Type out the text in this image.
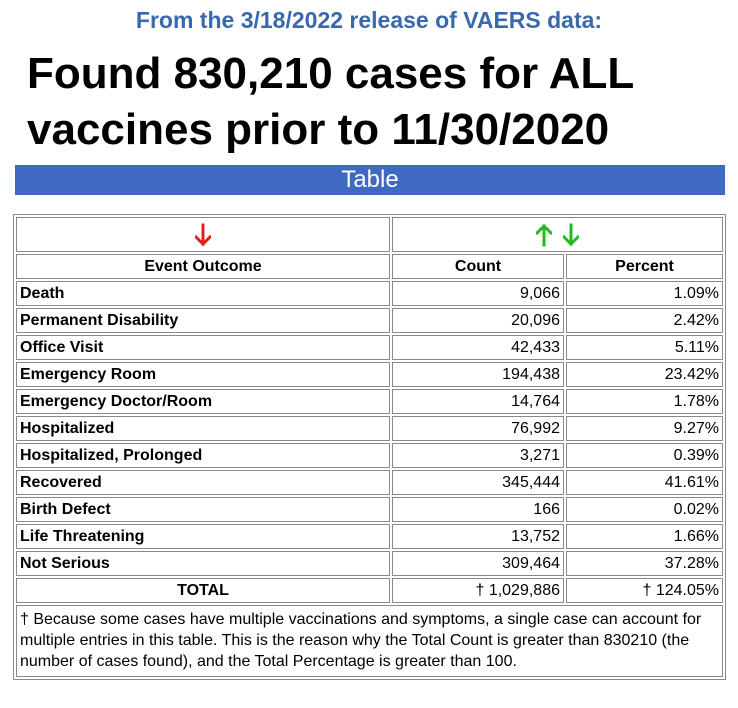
From the 3/18/2022 release of VAERS data:
Found 830,210 cases for ALL vaccines prior to 11/30/2020
Table

Event Outcome	Count	Percent
Death	9,066	1.09%
Permanent Disability	20,096	2.42%
Office Visit	42,433	5.11%
Emergency Room	194,438	23.42%
Emergency Doctor/Room	14,764	1.78%
Hospitalized	76,992	9.27%
Hospitalized, Prolonged	3,271	0.39%
Recovered	345,444	41.61%
Birth Defect	166	0.02%
Life Threatening	13,752	1.66%
Not Serious	309,464	37.28%
TOTAL	† 1,029,886	† 124.05%
† Because some cases have multiple vaccinations and symptoms, a single case can account for multiple entries in this table. This is the reason why the Total Count is greater than 830210 (the number of cases found), and the Total Percentage is greater than 100.		
